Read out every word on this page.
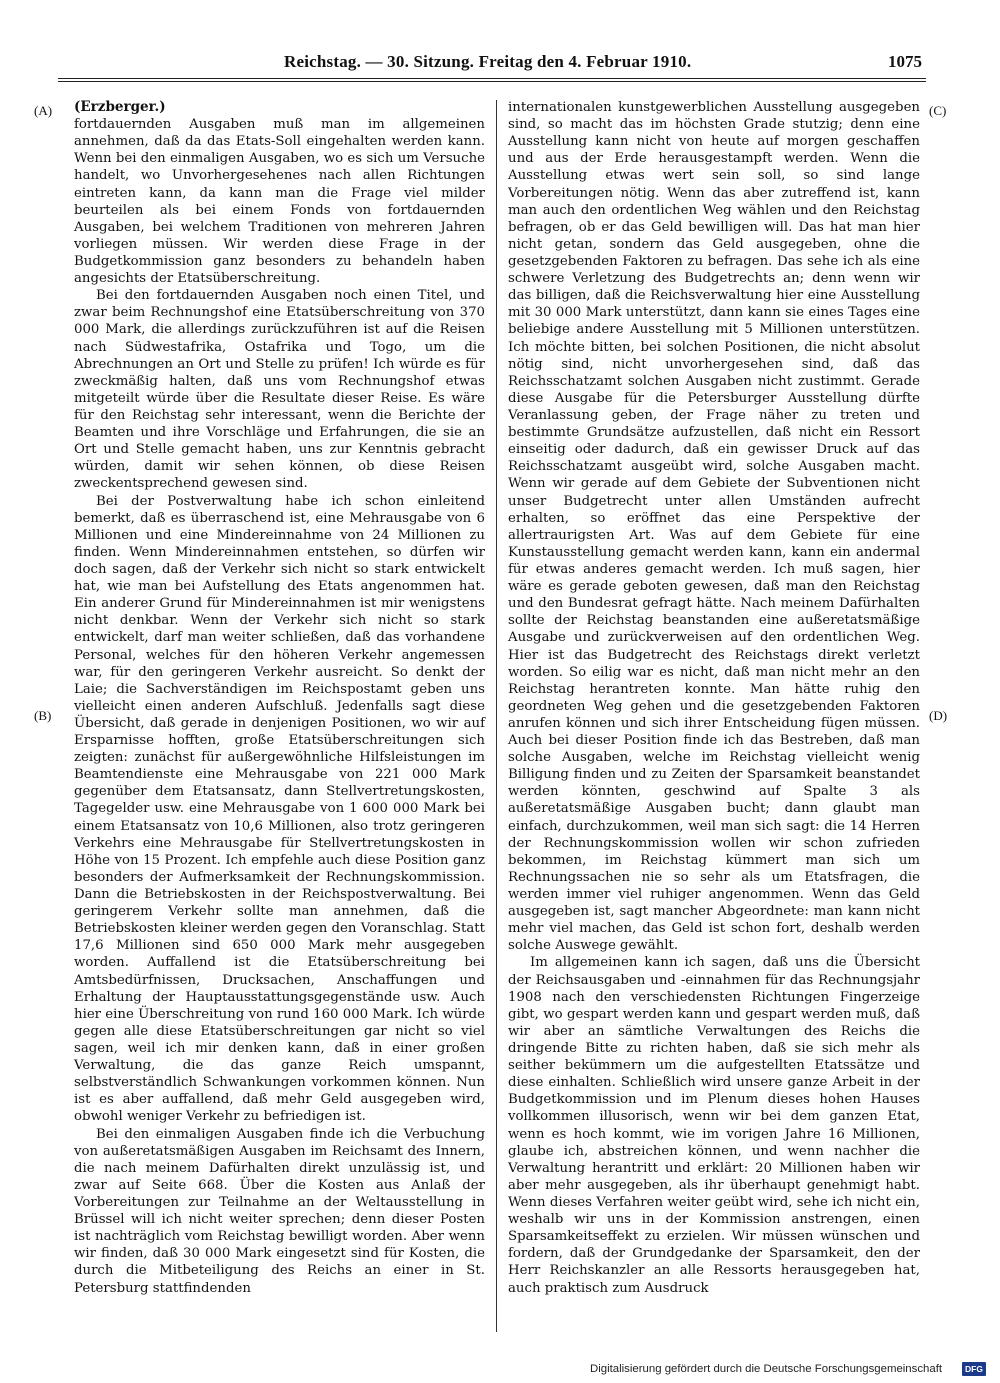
Reichstag. — 30. Sitzung. Freitag den 4. Februar 1910.	1075
(A)
(B)
(C)
(D)

(Erzberger.)

fortdauernden Ausgaben muß man im allgemeinen annehmen, daß da das Etats-Soll eingehalten werden kann. Wenn bei den einmaligen Ausgaben, wo es sich um Versuche handelt, wo Unvorhergesehenes nach allen Richtungen eintreten kann, da kann man die Frage viel milder beurteilen als bei einem Fonds von fortdauernden Ausgaben, bei welchem Traditionen von mehreren Jahren vorliegen müssen. Wir werden diese Frage in der Budgetkommission ganz besonders zu behandeln haben angesichts der Etatsüberschreitung.

Bei den fortdauernden Ausgaben noch einen Titel, und zwar beim Rechnungshof eine Etatsüberschreitung von 370 000 Mark, die allerdings zurückzuführen ist auf die Reisen nach Südwestafrika, Ostafrika und Togo, um die Abrechnungen an Ort und Stelle zu prüfen! Ich würde es für zweckmäßig halten, daß uns vom Rechnungshof etwas mitgeteilt würde über die Resultate dieser Reise. Es wäre für den Reichstag sehr interessant, wenn die Berichte der Beamten und ihre Vorschläge und Erfahrungen, die sie an Ort und Stelle gemacht haben, uns zur Kenntnis gebracht würden, damit wir sehen können, ob diese Reisen zweckentsprechend gewesen sind.

Bei der Postverwaltung habe ich schon einleitend bemerkt, daß es überraschend ist, eine Mehrausgabe von 6 Millionen und eine Mindereinnahme von 24 Millionen zu finden. Wenn Mindereinnahmen entstehen, so dürfen wir doch sagen, daß der Verkehr sich nicht so stark entwickelt hat, wie man bei Aufstellung des Etats angenommen hat. Ein anderer Grund für Mindereinnahmen ist mir wenigstens nicht denkbar. Wenn der Verkehr sich nicht so stark entwickelt, darf man weiter schließen, daß das vorhandene Personal, welches für den höheren Verkehr angemessen war, für den geringeren Verkehr ausreicht. So denkt der Laie; die Sachverständigen im Reichspostamt geben uns vielleicht einen anderen Aufschluß. Jedenfalls sagt diese Übersicht, daß gerade in denjenigen Positionen, wo wir auf Ersparnisse hofften, große Etatsüberschreitungen sich zeigten: zunächst für außergewöhnliche Hilfsleistungen im Beamtendienste eine Mehrausgabe von 221 000 Mark gegenüber dem Etatsansatz, dann Stellvertretungskosten, Tagegelder usw. eine Mehrausgabe von 1 600 000 Mark bei einem Etatsansatz von 10,6 Millionen, also trotz geringeren Verkehrs eine Mehrausgabe für Stellvertretungskosten in Höhe von 15 Prozent. Ich empfehle auch diese Position ganz besonders der Aufmerksamkeit der Rechnungskommission. Dann die Betriebskosten in der Reichspostverwaltung. Bei geringerem Verkehr sollte man annehmen, daß die Betriebskosten kleiner werden gegen den Voranschlag. Statt 17,6 Millionen sind 650 000 Mark mehr ausgegeben worden. Auffallend ist die Etatsüberschreitung bei Amtsbedürfnissen, Drucksachen, Anschaffungen und Erhaltung der Hauptausstattungsgegenstände usw. Auch hier eine Überschreitung von rund 160 000 Mark. Ich würde gegen alle diese Etatsüberschreitungen gar nicht so viel sagen, weil ich mir denken kann, daß in einer großen Verwaltung, die das ganze Reich umspannt, selbstverständlich Schwankungen vorkommen können. Nun ist es aber auffallend, daß mehr Geld ausgegeben wird, obwohl weniger Verkehr zu befriedigen ist.

Bei den einmaligen Ausgaben finde ich die Verbuchung von außeretatsmäßigen Ausgaben im Reichsamt des Innern, die nach meinem Dafürhalten direkt unzulässig ist, und zwar auf Seite 668. Über die Kosten aus Anlaß der Vorbereitungen zur Teilnahme an der Weltausstellung in Brüssel will ich nicht weiter sprechen; denn dieser Posten ist nachträglich vom Reichstag bewilligt worden. Aber wenn wir finden, daß 30 000 Mark eingesetzt sind für Kosten, die durch die Mitbeteiligung des Reichs an einer in St. Petersburg stattfindenden

internationalen kunstgewerblichen Ausstellung ausgegeben sind, so macht das im höchsten Grade stutzig; denn eine Ausstellung kann nicht von heute auf morgen geschaffen und aus der Erde herausgestampft werden. Wenn die Ausstellung etwas wert sein soll, so sind lange Vorbereitungen nötig. Wenn das aber zutreffend ist, kann man auch den ordentlichen Weg wählen und den Reichstag befragen, ob er das Geld bewilligen will. Das hat man hier nicht getan, sondern das Geld ausgegeben, ohne die gesetzgebenden Faktoren zu befragen. Das sehe ich als eine schwere Verletzung des Budgetrechts an; denn wenn wir das billigen, daß die Reichsverwaltung hier eine Ausstellung mit 30 000 Mark unterstützt, dann kann sie eines Tages eine beliebige andere Ausstellung mit 5 Millionen unterstützen. Ich möchte bitten, bei solchen Positionen, die nicht absolut nötig sind, nicht unvorhergesehen sind, daß das Reichsschatzamt solchen Ausgaben nicht zustimmt. Gerade diese Ausgabe für die Petersburger Ausstellung dürfte Veranlassung geben, der Frage näher zu treten und bestimmte Grundsätze aufzustellen, daß nicht ein Ressort einseitig oder dadurch, daß ein gewisser Druck auf das Reichsschatzamt ausgeübt wird, solche Ausgaben macht. Wenn wir gerade auf dem Gebiete der Subventionen nicht unser Budgetrecht unter allen Umständen aufrecht erhalten, so eröffnet das eine Perspektive der allertraurigsten Art. Was auf dem Gebiete für eine Kunstausstellung gemacht werden kann, kann ein andermal für etwas anderes gemacht werden. Ich muß sagen, hier wäre es gerade geboten gewesen, daß man den Reichstag und den Bundesrat gefragt hätte. Nach meinem Dafürhalten sollte der Reichstag beanstanden eine außeretatsmäßige Ausgabe und zurückverweisen auf den ordentlichen Weg. Hier ist das Budgetrecht des Reichstags direkt verletzt worden. So eilig war es nicht, daß man nicht mehr an den Reichstag herantreten konnte. Man hätte ruhig den geordneten Weg gehen und die gesetzgebenden Faktoren anrufen können und sich ihrer Entscheidung fügen müssen. Auch bei dieser Position finde ich das Bestreben, daß man solche Ausgaben, welche im Reichstag vielleicht wenig Billigung finden und zu Zeiten der Sparsamkeit beanstandet werden könnten, geschwind auf Spalte 3 als außeretatsmäßige Ausgaben bucht; dann glaubt man einfach, durchzukommen, weil man sich sagt: die 14 Herren der Rechnungskommission wollen wir schon zufrieden bekommen, im Reichstag kümmert man sich um Rechnungssachen nie so sehr als um Etatsfragen, die werden immer viel ruhiger angenommen. Wenn das Geld ausgegeben ist, sagt mancher Abgeordnete: man kann nicht mehr viel machen, das Geld ist schon fort, deshalb werden solche Auswege gewählt.

Im allgemeinen kann ich sagen, daß uns die Übersicht der Reichsausgaben und -einnahmen für das Rechnungsjahr 1908 nach den verschiedensten Richtungen Fingerzeige gibt, wo gespart werden kann und gespart werden muß, daß wir aber an sämtliche Verwaltungen des Reichs die dringende Bitte zu richten haben, daß sie sich mehr als seither bekümmern um die aufgestellten Etatssätze und diese einhalten. Schließlich wird unsere ganze Arbeit in der Budgetkommission und im Plenum dieses hohen Hauses vollkommen illusorisch, wenn wir bei dem ganzen Etat, wenn es hoch kommt, wie im vorigen Jahre 16 Millionen, glaube ich, abstreichen können, und wenn nachher die Verwaltung herantritt und erklärt: 20 Millionen haben wir aber mehr ausgegeben, als ihr überhaupt genehmigt habt. Wenn dieses Verfahren weiter geübt wird, sehe ich nicht ein, weshalb wir uns in der Kommission anstrengen, einen Sparsamkeitseffekt zu erzielen. Wir müssen wünschen und fordern, daß der Grundgedanke der Sparsamkeit, den der Herr Reichskanzler an alle Ressorts herausgegeben hat, auch praktisch zum Ausdruck

Digitalisierung gefördert durch die Deutsche Forschungsgemeinschaft	DFG
